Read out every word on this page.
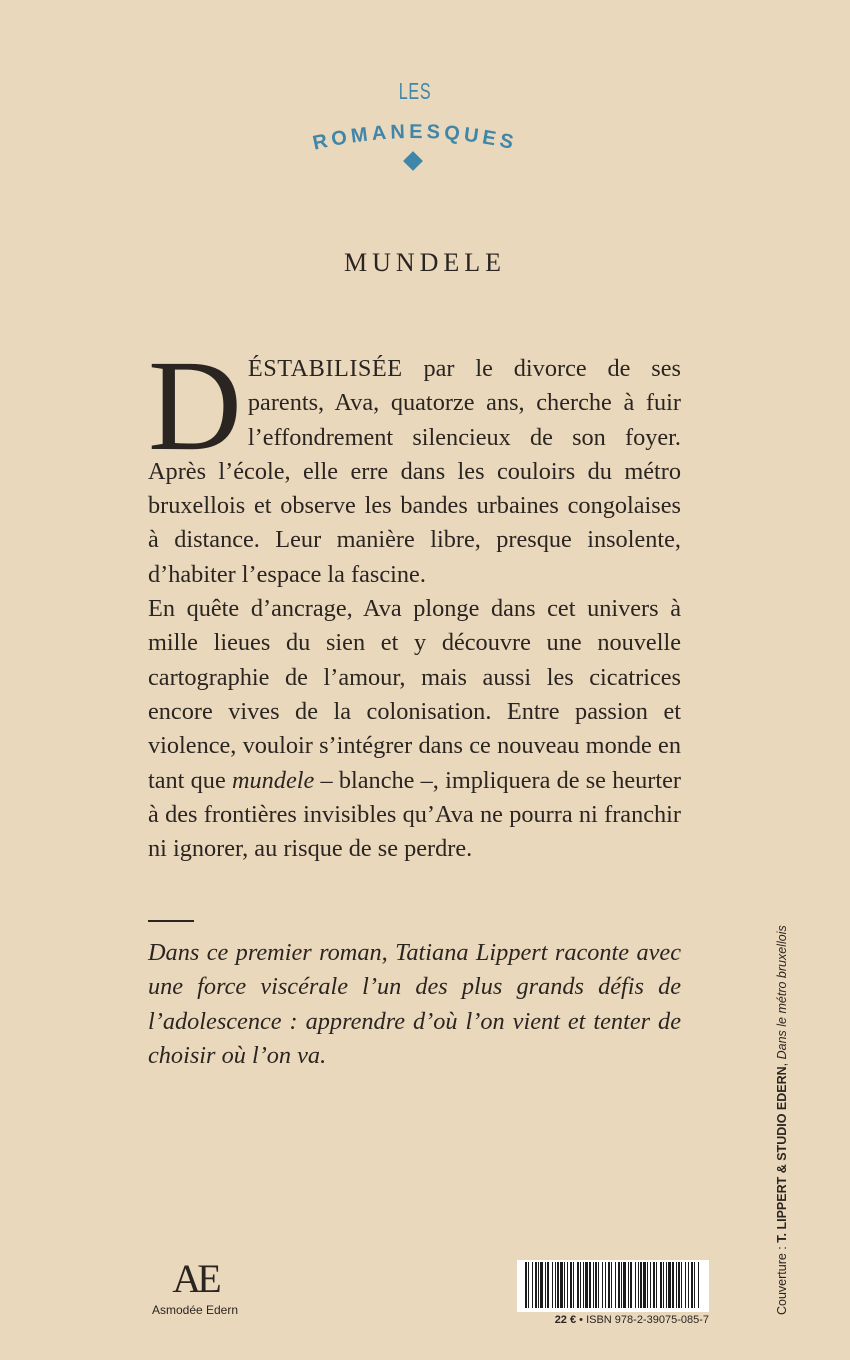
LES
ROMANESQUES
MUNDELE

DÉSTABILISÉE par le divorce de ses parents, Ava, quatorze ans, cherche à fuir l’effondrement silencieux de son foyer. Après l’école, elle erre dans les couloirs du métro bruxellois et observe les bandes urbaines congolaises à distance. Leur manière libre, presque insolente, d’habiter l’espace la fascine.

En quête d’ancrage, Ava plonge dans cet univers à mille lieues du sien et y découvre une nouvelle cartographie de l’amour, mais aussi les cicatrices encore vives de la colonisation. Entre passion et violence, vouloir s’intégrer dans ce nouveau monde en tant que mundele – blanche –, impliquera de se heurter à des frontières invisibles qu’Ava ne pourra ni franchir ni ignorer, au risque de se perdre.

Dans ce premier roman, Tatiana Lippert raconte avec une force viscérale l’un des plus grands défis de l’adolescence : apprendre d’où l’on vient et tenter de choisir où l’on va.

Couverture : T. LIPPERT & STUDIO EDERN, Dans le métro bruxellois
AE
Asmodée Edern
22 € • ISBN 978-2-39075-085-7
